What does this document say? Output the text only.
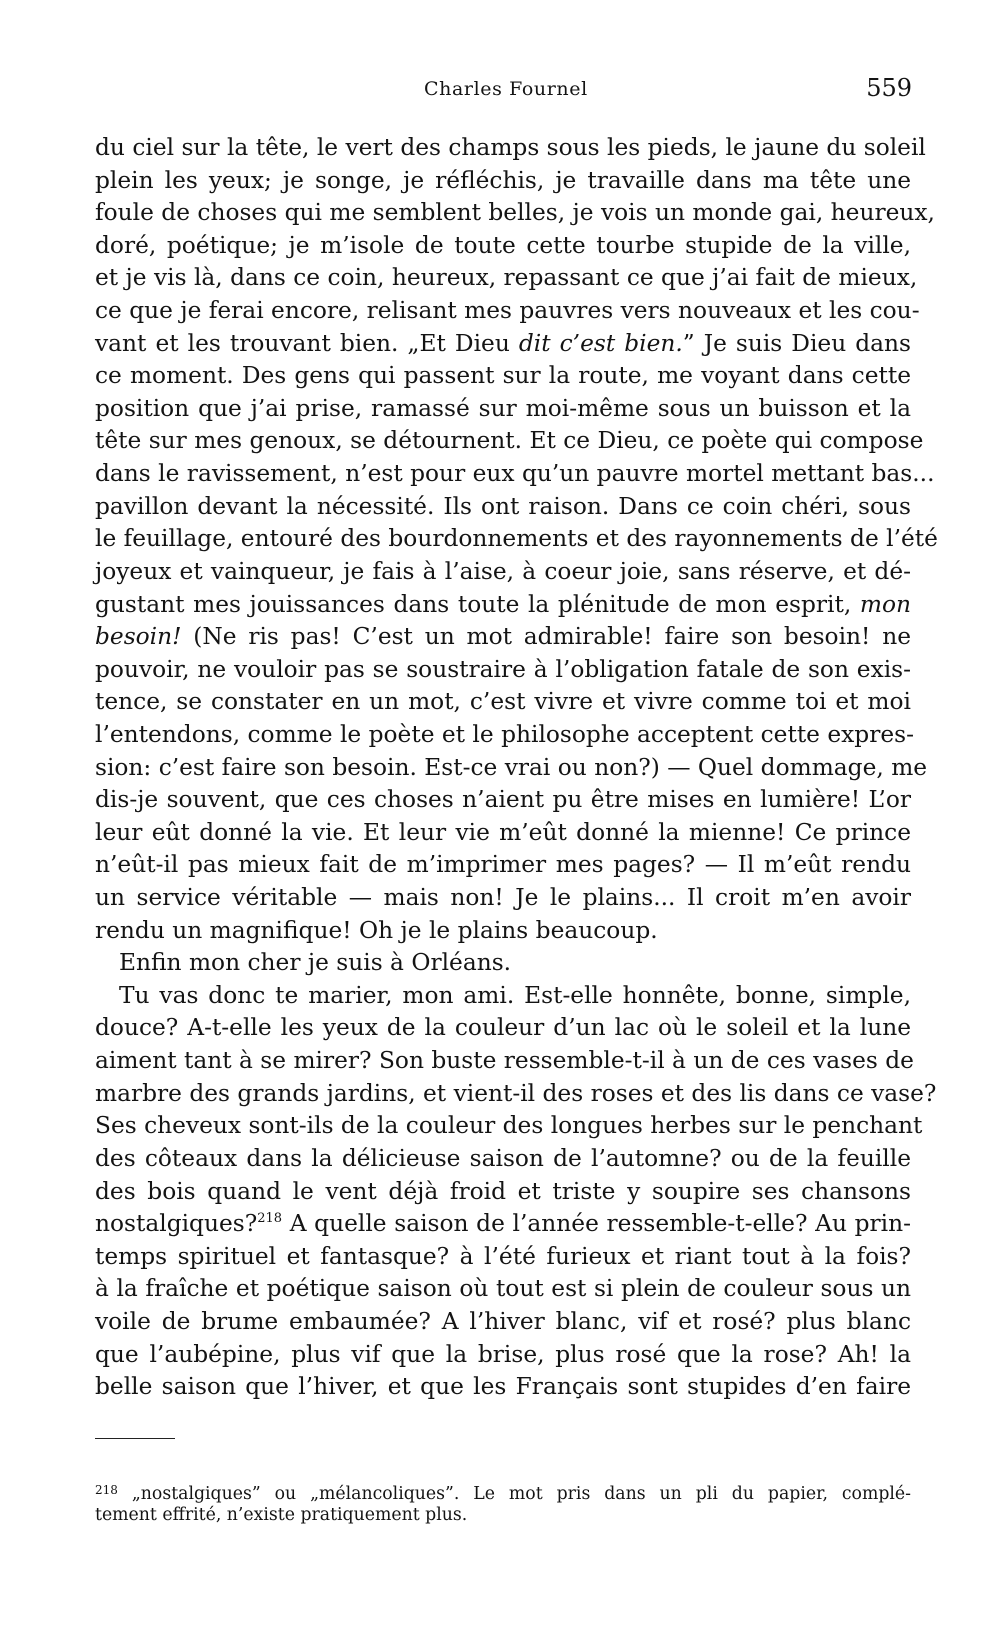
Charles Fournel	559
du ciel sur la tête, le vert des champs sous les pieds, le jaune du soleil
plein les yeux; je songe, je réfléchis, je travaille dans ma tête une
foule de choses qui me semblent belles, je vois un monde gai, heureux,
doré, poétique; je m’isole de toute cette tourbe stupide de la ville,
et je vis là, dans ce coin, heureux, repassant ce que j’ai fait de mieux,
ce que je ferai encore, relisant mes pauvres vers nouveaux et les cou-
vant et les trouvant bien. „Et Dieu dit c’est bien.” Je suis Dieu dans
ce moment. Des gens qui passent sur la route, me voyant dans cette
position que j’ai prise, ramassé sur moi-même sous un buisson et la
tête sur mes genoux, se détournent. Et ce Dieu, ce poète qui compose
dans le ravissement, n’est pour eux qu’un pauvre mortel mettant bas...
pavillon devant la nécessité. Ils ont raison. Dans ce coin chéri, sous
le feuillage, entouré des bourdonnements et des rayonnements de l’été
joyeux et vainqueur, je fais à l’aise, à coeur joie, sans réserve, et dé-
gustant mes jouissances dans toute la plénitude de mon esprit, mon
besoin! (Ne ris pas! C’est un mot admirable! faire son besoin! ne
pouvoir, ne vouloir pas se soustraire à l’obligation fatale de son exis-
tence, se constater en un mot, c’est vivre et vivre comme toi et moi
l’entendons, comme le poète et le philosophe acceptent cette expres-
sion: c’est faire son besoin. Est-ce vrai ou non?) — Quel dommage, me
dis-je souvent, que ces choses n’aient pu être mises en lumière! L’or
leur eût donné la vie. Et leur vie m’eût donné la mienne! Ce prince
n’eût-il pas mieux fait de m’imprimer mes pages? — Il m’eût rendu
un service véritable — mais non! Je le plains... Il croit m’en avoir
rendu un magnifique! Oh je le plains beaucoup.
Enfin mon cher je suis à Orléans.
Tu vas donc te marier, mon ami. Est-elle honnête, bonne, simple,
douce? A-t-elle les yeux de la couleur d’un lac où le soleil et la lune
aiment tant à se mirer? Son buste ressemble-t-il à un de ces vases de
marbre des grands jardins, et vient-il des roses et des lis dans ce vase?
Ses cheveux sont-ils de la couleur des longues herbes sur le penchant
des côteaux dans la délicieuse saison de l’automne? ou de la feuille
des bois quand le vent déjà froid et triste y soupire ses chansons
nostalgiques?$^{218}$ A quelle saison de l’année ressemble-t-elle? Au prin-
temps spirituel et fantasque? à l’été furieux et riant tout à la fois?
à la fraîche et poétique saison où tout est si plein de couleur sous un
voile de brume embaumée? A l’hiver blanc, vif et rosé? plus blanc
que l’aubépine, plus vif que la brise, plus rosé que la rose? Ah! la
belle saison que l’hiver, et que les Français sont stupides d’en faire
$^{218}$ „nostalgiques” ou „mélancoliques”. Le mot pris dans un pli du papier, complé-
tement effrité, n’existe pratiquement plus.
